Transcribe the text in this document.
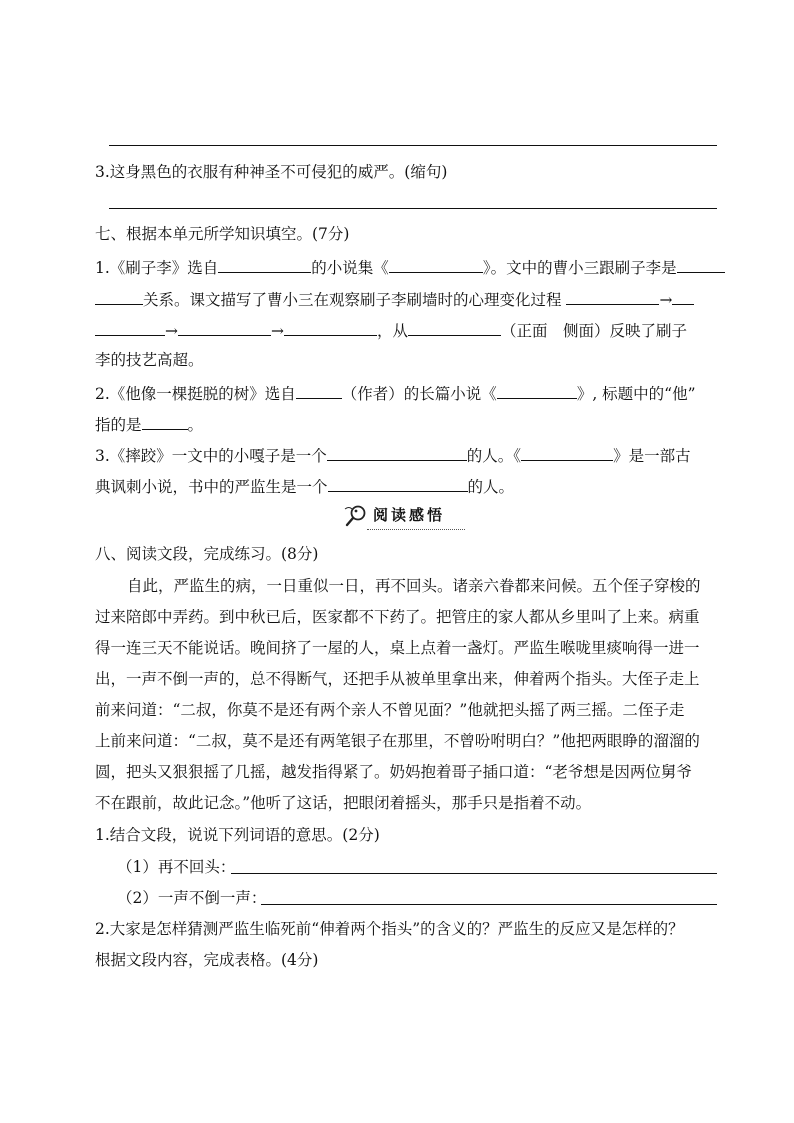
3.这身黑色的衣服有种神圣不可侵犯的威严。(缩句)
七、根据本单元所学知识填空。(7分)
1.《刷子李》选自	的小说集《	》。文中的曹小三跟刷子李是
关系。课文描写了曹小三在观察刷子李刷墙时的心理变化过程	→
→	→	，从	（正面　侧面）反映了刷子
李的技艺高超。
2.《他像一棵挺脱的树》选自	（作者）的长篇小说《	》, 标题中的“他”
指的是	。
3.《摔跤》一文中的小嘎子是一个	的人。《	》是一部古
典讽刺小说，书中的严监生是一个	的人。
阅读感悟
八、阅读文段，完成练习。(8分)
自此，严监生的病，一日重似一日，再不回头。诸亲六眷都来问候。五个侄子穿梭的
过来陪郎中弄药。到中秋已后，医家都不下药了。把管庄的家人都从乡里叫了上来。病重
得一连三天不能说话。晚间挤了一屋的人，桌上点着一盏灯。严监生喉咙里痰响得一进一
出，一声不倒一声的，总不得断气，还把手从被单里拿出来，伸着两个指头。大侄子走上
前来问道：“二叔，你莫不是还有两个亲人不曾见面？”他就把头摇了两三摇。二侄子走
上前来问道：“二叔，莫不是还有两笔银子在那里，不曾吩咐明白？”他把两眼睁的溜溜的
圆，把头又狠狠摇了几摇，越发指得紧了。奶妈抱着哥子插口道：“老爷想是因两位舅爷
不在跟前，故此记念。”他听了这话，把眼闭着摇头，那手只是指着不动。
1.结合文段，说说下列词语的意思。(2分)
（1）再不回头：
（2）一声不倒一声：
2.大家是怎样猜测严监生临死前“伸着两个指头”的含义的？严监生的反应又是怎样的？
根据文段内容，完成表格。(4分)
